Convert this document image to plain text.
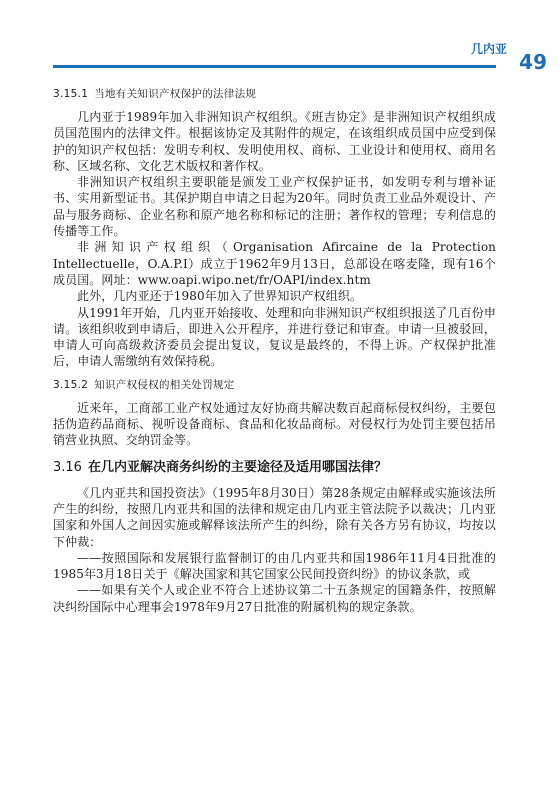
几内亚
49
3.15.1 当地有关知识产权保护的法律法规

几内亚于1989年加入非洲知识产权组织。《班吉协定》是非洲知识产权组织成员国范围内的法律文件。根据该协定及其附件的规定，在该组织成员国中应受到保护的知识产权包括：发明专利权、发明使用权、商标、工业设计和使用权、商用名称、区域名称、文化艺术版权和著作权。

非洲知识产权组织主要职能是颁发工业产权保护证书，如发明专利与增补证书、实用新型证书。其保护期自申请之日起为20年。同时负责工业品外观设计、产品与服务商标、企业名称和原产地名称和标记的注册；著作权的管理；专利信息的传播等工作。

非洲知识产权组织（Organisation Afircaine de la Protection Intellectuelle，O.A.P.I）成立于1962年9月13日，总部设在喀麦隆，现有16个成员国。网址：www.oapi.wipo.net/fr/OAPI/index.htm

此外，几内亚还于1980年加入了世界知识产权组织。

从1991年开始，几内亚开始接收、处理和向非洲知识产权组织报送了几百份申请。该组织收到申请后，即进入公开程序，并进行登记和审查。申请一旦被驳回，申请人可向高级救济委员会提出复议，复议是最终的，不得上诉。产权保护批准后，申请人需缴纳有效保持税。

3.15.2 知识产权侵权的相关处罚规定

近来年，工商部工业产权处通过友好协商共解决数百起商标侵权纠纷，主要包括伪造药品商标、视听设备商标、食品和化妆品商标。对侵权行为处罚主要包括吊销营业执照、交纳罚金等。

3.16 在几内亚解决商务纠纷的主要途径及适用哪国法律？

《几内亚共和国投资法》（1995年8月30日）第28条规定由解释或实施该法所产生的纠纷，按照几内亚共和国的法律和规定由几内亚主管法院予以裁决；几内亚国家和外国人之间因实施或解释该法所产生的纠纷，除有关各方另有协议，均按以下仲裁：

——按照国际和发展银行监督制订的由几内亚共和国1986年11月4日批准的1985年3月18日关于《解决国家和其它国家公民间投资纠纷》的协议条款，或

——如果有关个人或企业不符合上述协议第二十五条规定的国籍条件，按照解决纠纷国际中心理事会1978年9月27日批准的附属机构的规定条款。
